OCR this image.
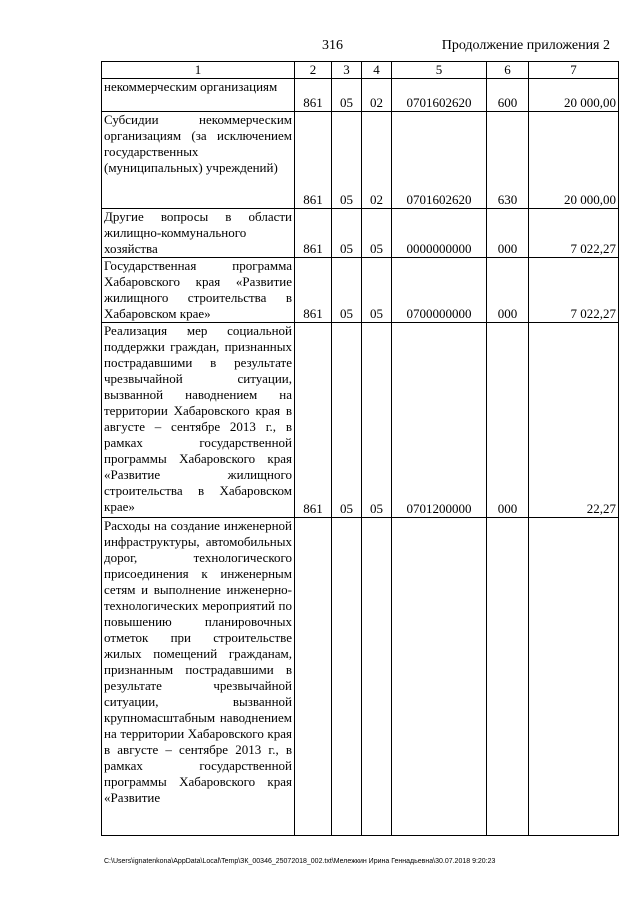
316	Продолжение приложения 2
1	2	3	4	5	6	7
некоммерческим организациям	861	05	02	0701602620	600	20 000,00
Субсидии некоммерческим организациям (за исключением государственных (муниципальных) учреждений)	861	05	02	0701602620	630	20 000,00
Другие вопросы в области жилищно-коммунального хозяйства	861	05	05	0000000000	000	7 022,27
Государственная программа Хабаровского края «Развитие жилищного строительства в Хабаровском крае»	861	05	05	0700000000	000	7 022,27
Реализация мер социальной поддержки граждан, признанных пострадавшими в результате чрезвычайной ситуации, вызванной наводнением на территории Хабаровского края в августе – сентябре 2013 г., в рамках государственной программы Хабаровского края «Развитие жилищного строительства в Хабаровском крае»	861	05	05	0701200000	000	22,27
Расходы на создание инженерной инфраструктуры, автомобильных дорог, технологического присоединения к инженерным сетям и выполнение инженерно-технологических мероприятий по повышению планировочных отметок при строительстве жилых помещений гражданам, признанным пострадавшими в результате чрезвычайной ситуации, вызванной крупномасштабным наводнением на территории Хабаровского края в августе – сентябре 2013 г., в рамках государственной программы Хабаровского края «Развитие						
C:\Users\ignatenkona\AppData\Local\Temp\ЗК_00346_25072018_002.txt\Мележкин Ирина Геннадьевна\30.07.2018 9:20:23
